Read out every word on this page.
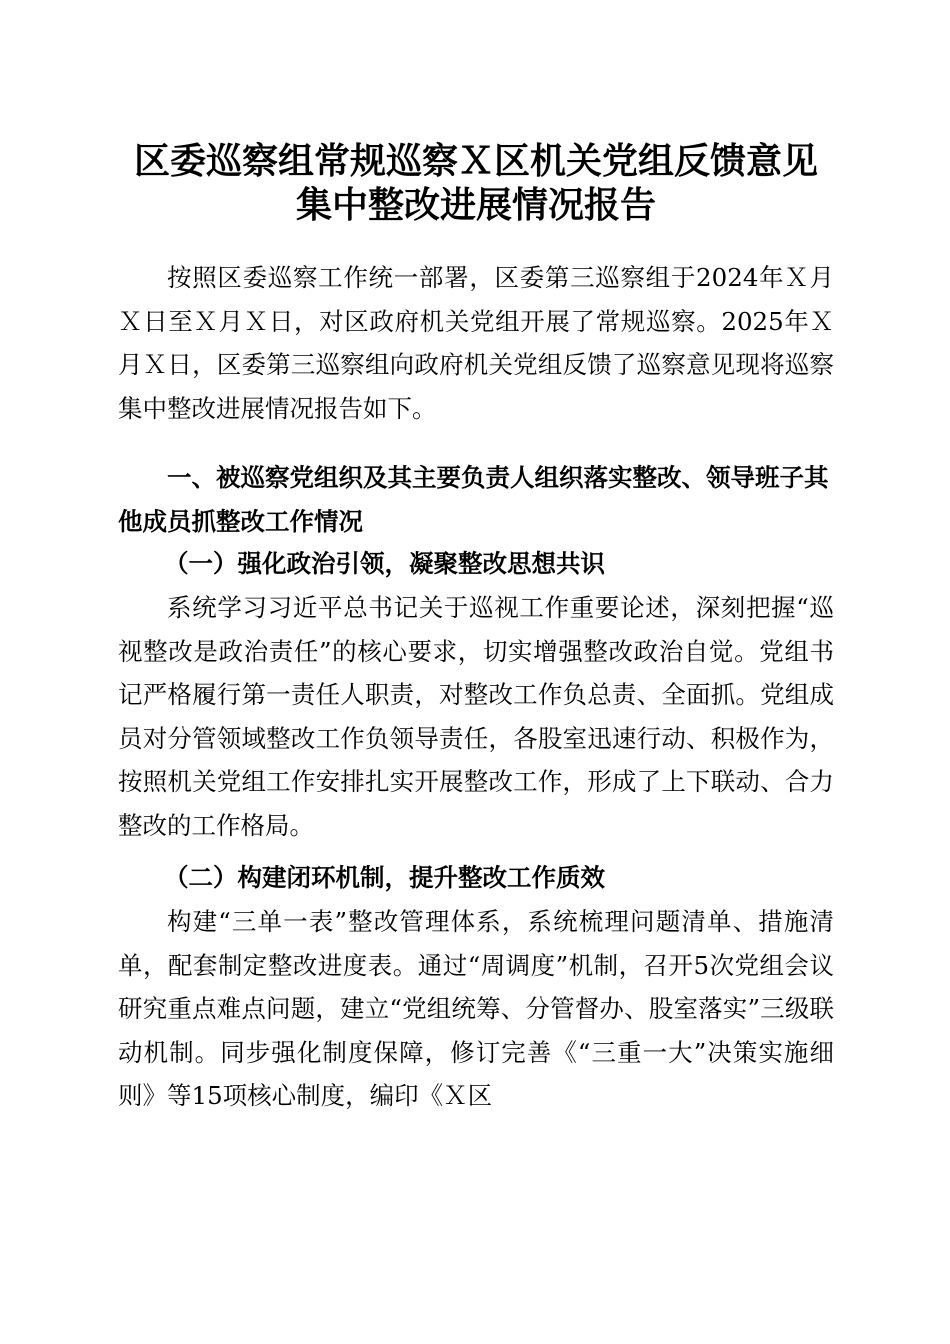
区委巡察组常规巡察Ｘ区机关党组反馈意见
集中整改进展情况报告

按照区委巡察工作统一部署，区委第三巡察组于2024年Ｘ月Ｘ日至Ｘ月Ｘ日，对区政府机关党组开展了常规巡察。2025年Ｘ月Ｘ日，区委第三巡察组向政府机关党组反馈了巡察意见现将巡察集中整改进展情况报告如下。

一、被巡察党组织及其主要负责人组织落实整改、领导班子其他成员抓整改工作情况

（一）强化政治引领，凝聚整改思想共识

系统学习习近平总书记关于巡视工作重要论述，深刻把握“巡视整改是政治责任”的核心要求，切实增强整改政治自觉。党组书记严格履行第一责任人职责，对整改工作负总责、全面抓。党组成员对分管领域整改工作负领导责任，各股室迅速行动、积极作为，按照机关党组工作安排扎实开展整改工作，形成了上下联动、合力整改的工作格局。

（二）构建闭环机制，提升整改工作质效

构建“三单一表”整改管理体系，系统梳理问题清单、措施清单，配套制定整改进度表。通过“周调度”机制，召开5次党组会议研究重点难点问题，建立“党组统筹、分管督办、股室落实”三级联动机制。同步强化制度保障，修订完善《“三重一大”决策实施细则》等15项核心制度，编印《Ｘ区
